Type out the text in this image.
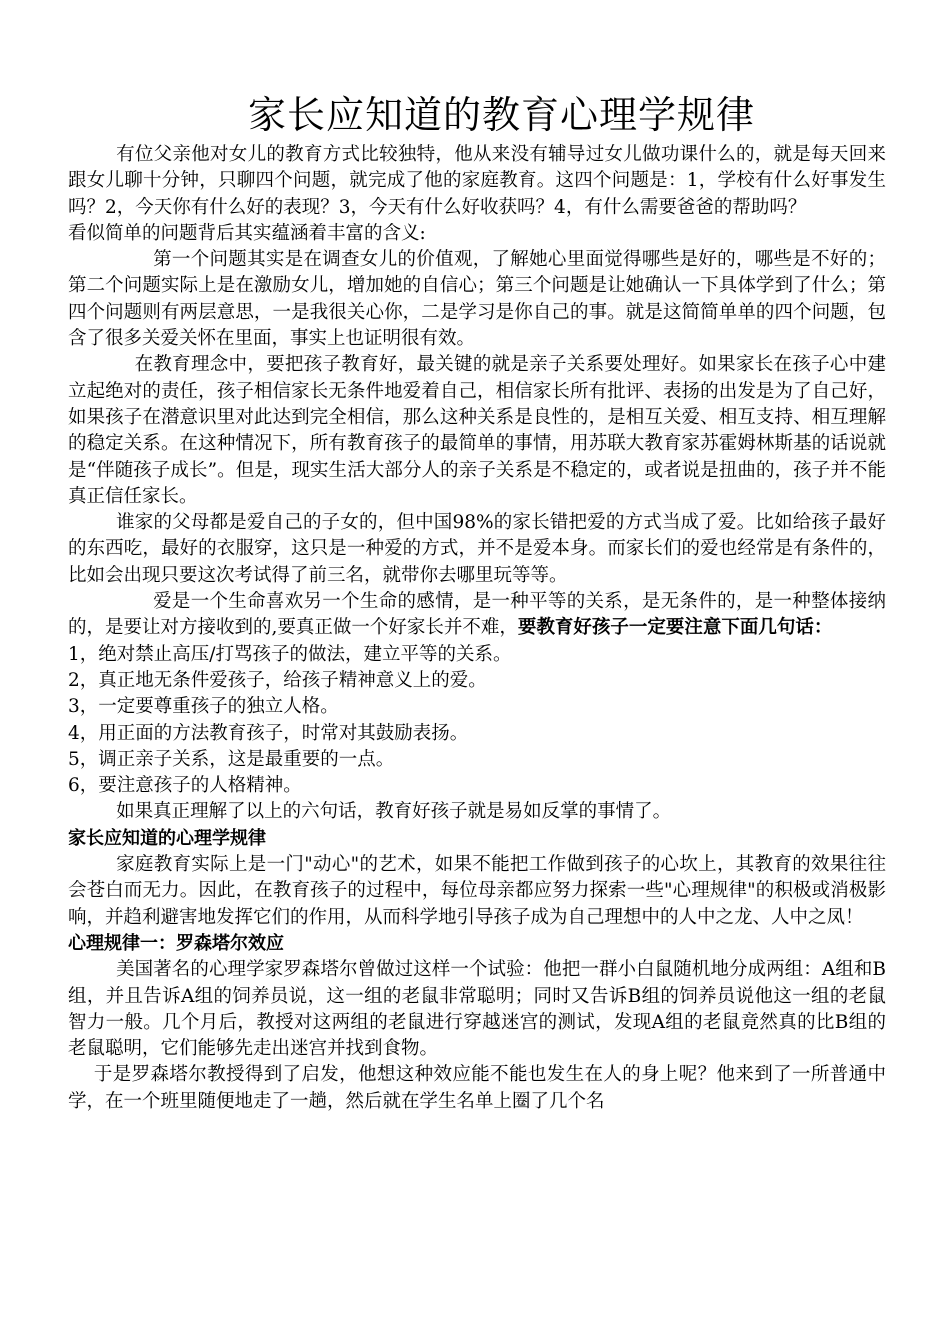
家长应知道的教育心理学规律

有位父亲他对女儿的教育方式比较独特，他从来没有辅导过女儿做功课什么的，就是每天回来跟女儿聊十分钟，只聊四个问题，就完成了他的家庭教育。这四个问题是：1，学校有什么好事发生吗？2，今天你有什么好的表现？3，今天有什么好收获吗？4，有什么需要爸爸的帮助吗？

看似简单的问题背后其实蕴涵着丰富的含义:

第一个问题其实是在调查女儿的价值观，了解她心里面觉得哪些是好的，哪些是不好的；第二个问题实际上是在激励女儿，增加她的自信心；第三个问题是让她确认一下具体学到了什么；第四个问题则有两层意思，一是我很关心你，二是学习是你自己的事。就是这简简单单的四个问题，包含了很多关爱关怀在里面，事实上也证明很有效。

在教育理念中，要把孩子教育好，最关键的就是亲子关系要处理好。如果家长在孩子心中建立起绝对的责任，孩子相信家长无条件地爱着自己，相信家长所有批评、表扬的出发是为了自己好，如果孩子在潜意识里对此达到完全相信，那么这种关系是良性的，是相互关爱、相互支持、相互理解的稳定关系。在这种情况下，所有教育孩子的最简单的事情，用苏联大教育家苏霍姆林斯基的话说就是“伴随孩子成长”。但是，现实生活大部分人的亲子关系是不稳定的，或者说是扭曲的，孩子并不能真正信任家长。

谁家的父母都是爱自己的子女的，但中国98%的家长错把爱的方式当成了爱。比如给孩子最好的东西吃，最好的衣服穿，这只是一种爱的方式，并不是爱本身。而家长们的爱也经常是有条件的，比如会出现只要这次考试得了前三名，就带你去哪里玩等等。

爱是一个生命喜欢另一个生命的感情，是一种平等的关系，是无条件的，是一种整体接纳的，是要让对方接收到的,要真正做一个好家长并不难，要教育好孩子一定要注意下面几句话：

1，绝对禁止高压/打骂孩子的做法，建立平等的关系。
2，真正地无条件爱孩子，给孩子精神意义上的爱。
3，一定要尊重孩子的独立人格。
4，用正面的方法教育孩子，时常对其鼓励表扬。
5，调正亲子关系，这是最重要的一点。
6，要注意孩子的人格精神。

如果真正理解了以上的六句话，教育好孩子就是易如反掌的事情了。

家长应知道的心理学规律

家庭教育实际上是一门"动心"的艺术，如果不能把工作做到孩子的心坎上，其教育的效果往往会苍白而无力。因此，在教育孩子的过程中，每位母亲都应努力探索一些"心理规律"的积极或消极影响，并趋利避害地发挥它们的作用，从而科学地引导孩子成为自己理想中的人中之龙、人中之凤！

心理规律一：罗森塔尔效应

美国著名的心理学家罗森塔尔曾做过这样一个试验：他把一群小白鼠随机地分成两组：A组和B组，并且告诉A组的饲养员说，这一组的老鼠非常聪明；同时又告诉B组的饲养员说他这一组的老鼠智力一般。几个月后，教授对这两组的老鼠进行穿越迷宫的测试，发现A组的老鼠竟然真的比B组的老鼠聪明，它们能够先走出迷宫并找到食物。

于是罗森塔尔教授得到了启发，他想这种效应能不能也发生在人的身上呢？他来到了一所普通中学，在一个班里随便地走了一趟，然后就在学生名单上圈了几个名
